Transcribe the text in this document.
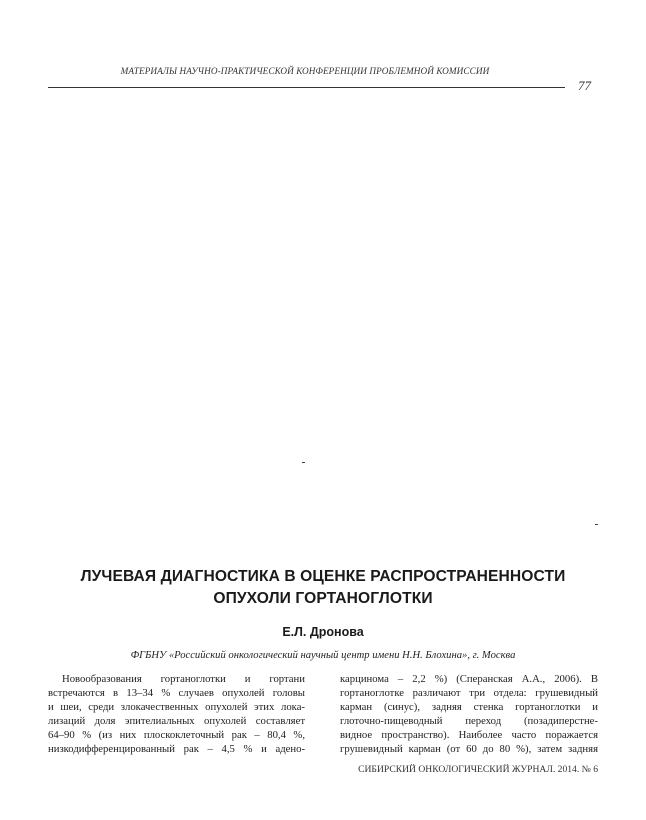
МАТЕРИАЛЫ НАУЧНО-ПРАКТИЧЕСКОЙ КОНФЕРЕНЦИИ ПРОБЛЕМНОЙ КОМИССИИ
77
ЛУЧЕВАЯ ДИАГНОСТИКА В ОЦЕНКЕ РАСПРОСТРАНЕННОСТИ
ОПУХОЛИ ГОРТАНОГЛОТКИ
Е.Л. Дронова
ФГБНУ «Российский онкологический научный центр имени Н.Н. Блохина», г. Москва
Новообразования гортаноглотки и гортани
встречаются в 13–34 % случаев опухолей головы
и шеи, среди злокачественных опухолей этих лока-
лизаций доля эпителиальных опухолей составляет
64–90 % (из них плоскоклеточный рак – 80,4 %,
низкодифференцированный рак – 4,5 % и адено-
карцинома – 2,2 %) (Сперанская А.А., 2006). В
гортаноглотке различают три отдела: грушевидный
карман (синус), задняя стенка гортаноглотки и
глоточно-пищеводный переход (позадиперстне-
видное пространство). Наиболее часто поражается
грушевидный карман (от 60 до 80 %), затем задняя
СИБИРСКИЙ ОНКОЛОГИЧЕСКИЙ ЖУРНАЛ. 2014. № 6
